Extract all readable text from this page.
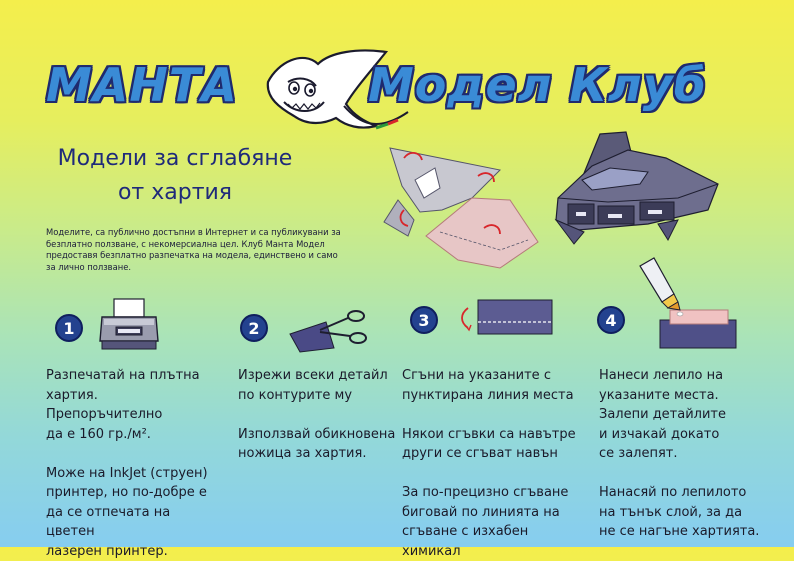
МАНТА	Модел Клуб
Модели за сглабяне
от хартия
Моделите, са публично достъпни в Интернет и са публикувани за безплатно ползване, с некомерсиална цел. Клуб Манта Модел предоставя безплатно разпечатка на модела, единствено и само за лично ползване.
1
Разпечатай на плътна
хартия. Препоръчително
да е 160 гр./м².

Може на InkJet (струен)
принтер, но по-добре е
да се отпечата на цветен
лазерен принтер.
2
Изрежи всеки детайл
по контурите му

Използвай обикновена
ножица за хартия.
3
Сгъни на указаните с
пунктирана линия места

Някои сгъвки са навътре
други се сгъват навън

За по-прецизно сгъване
биговай по линията на
сгъване с изхабен химикал
4
Нанеси лепило на
указаните места.
Залепи детайлите
и изчакай докато
се залепят.

Нанасяй по лепилото
на тънък слой, за да
не се нагъне хартията.
